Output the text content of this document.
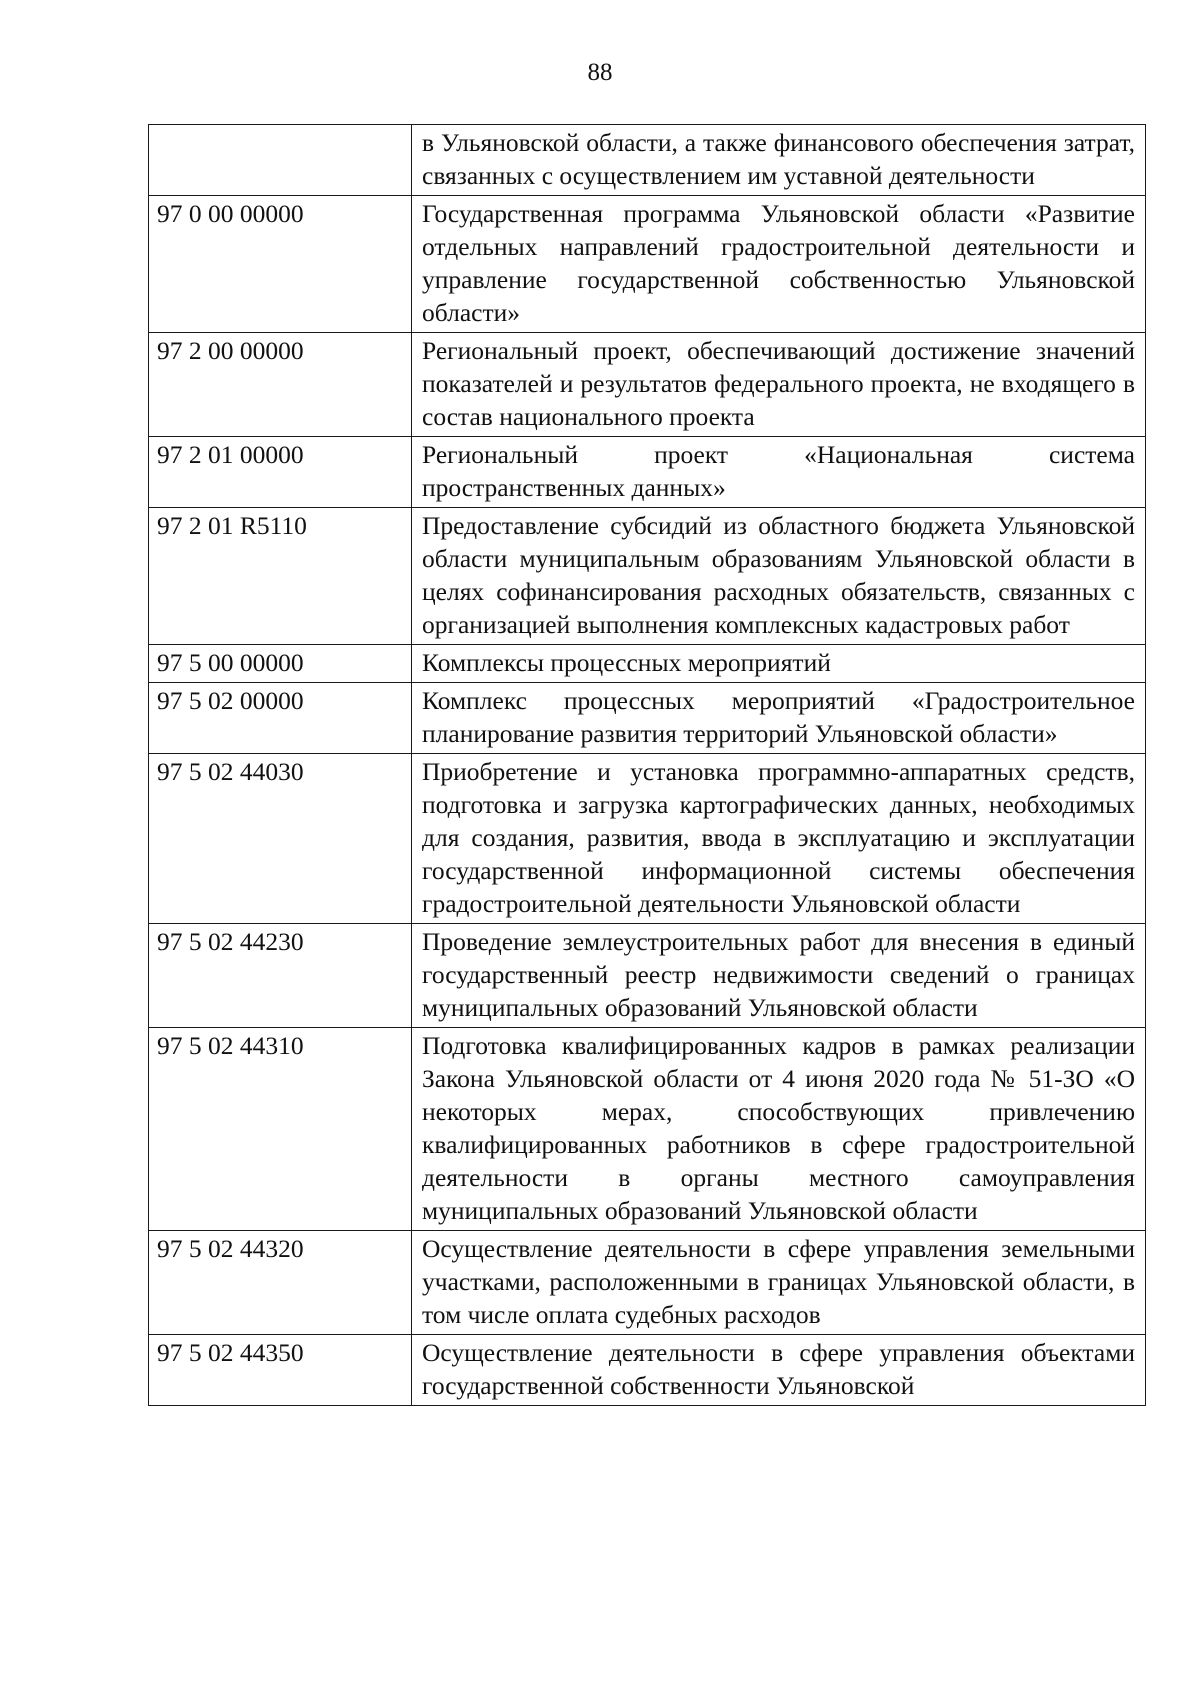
88
	в Ульяновской области, а также финансового обеспечения затрат, связанных с осуществлением им уставной деятельности
97 0 00 00000	Государственная программа Ульяновской области «Развитие отдельных направлений градостроительной деятельности и управление государственной собственностью Ульяновской области»
97 2 00 00000	Региональный проект, обеспечивающий достижение значений показателей и результатов федерального проекта, не входящего в состав национального проекта
97 2 01 00000	Региональный проект «Национальная система пространственных данных»
97 2 01 R5110	Предоставление субсидий из областного бюджета Ульяновской области муниципальным образованиям Ульяновской области в целях софинансирования расходных обязательств, связанных с организацией выполнения комплексных кадастровых работ
97 5 00 00000	Комплексы процессных мероприятий
97 5 02 00000	Комплекс процессных мероприятий «Градостроительное планирование развития территорий Ульяновской области»
97 5 02 44030	Приобретение и установка программно-аппаратных средств, подготовка и загрузка картографических данных, необходимых для создания, развития, ввода в эксплуатацию и эксплуатации государственной информационной системы обеспечения градостроительной деятельности Ульяновской области
97 5 02 44230	Проведение землеустроительных работ для внесения в единый государственный реестр недвижимости сведений о границах муниципальных образований Ульяновской области
97 5 02 44310	Подготовка квалифицированных кадров в рамках реализации Закона Ульяновской области от 4 июня 2020 года № 51-ЗО «О некоторых мерах, способствующих привлечению квалифицированных работников в сфере градостроительной деятельности в органы местного самоуправления муниципальных образований Ульяновской области
97 5 02 44320	Осуществление деятельности в сфере управления земельными участками, расположенными в границах Ульяновской области, в том числе оплата судебных расходов
97 5 02 44350	Осуществление деятельности в сфере управления объектами государственной собственности Ульяновской
